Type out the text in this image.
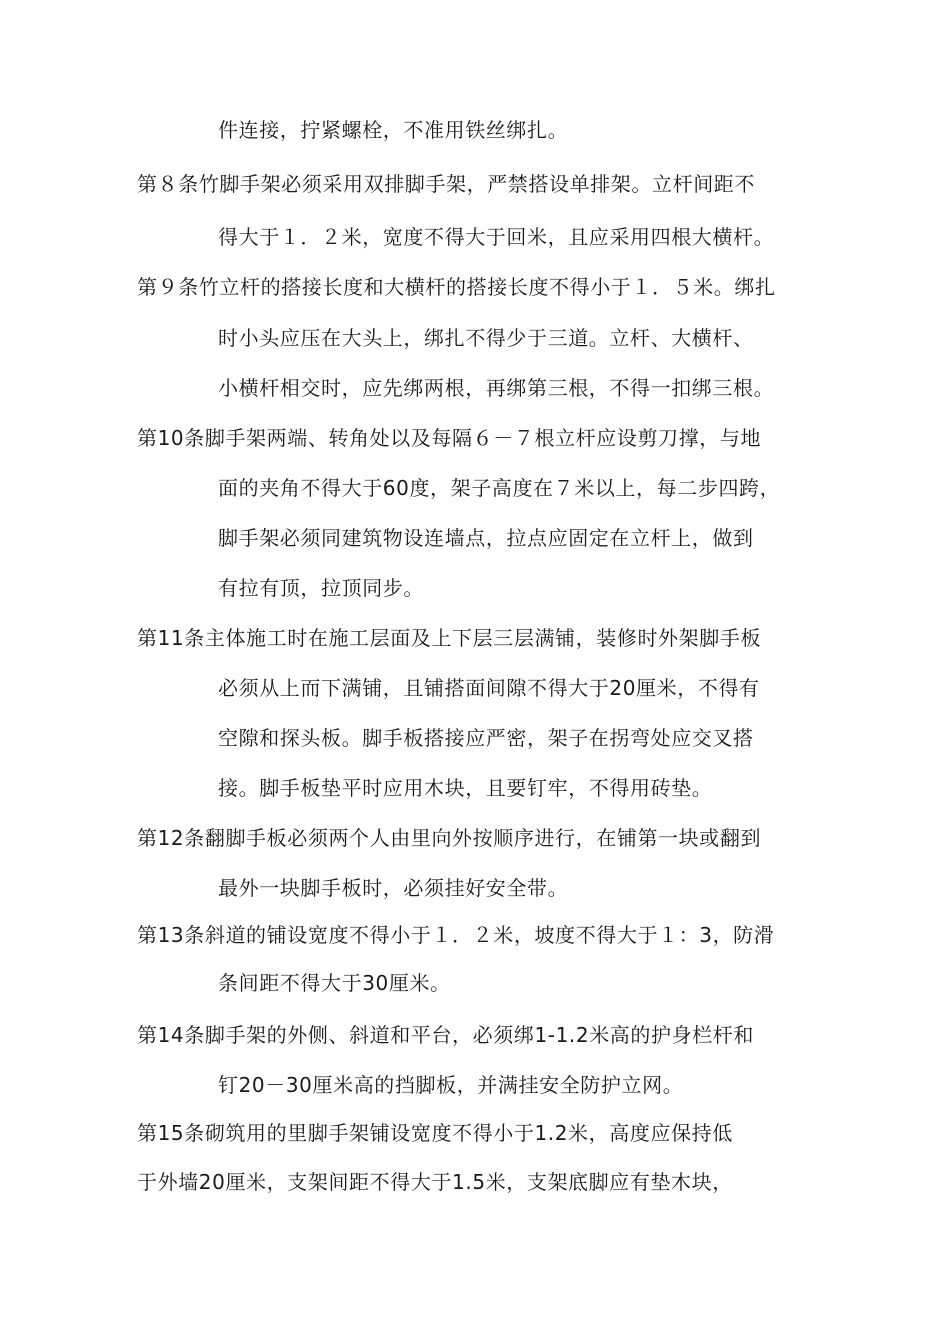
件连接，拧紧螺栓，不准用铁丝绑扎。
第８条竹脚手架必须采用双排脚手架，严禁搭设单排架。立杆间距不
得大于１．２米，宽度不得大于回米，且应采用四根大横杆。
第９条竹立杆的搭接长度和大横杆的搭接长度不得小于１．５米。绑扎
时小头应压在大头上，绑扎不得少于三道。立杆、大横杆、
小横杆相交时，应先绑两根，再绑第三根，不得一扣绑三根。
第10条脚手架两端、转角处以及每隔６－７根立杆应设剪刀撑，与地
面的夹角不得大于60度，架子高度在７米以上，每二步四跨，
脚手架必须同建筑物设连墙点，拉点应固定在立杆上，做到
有拉有顶，拉顶同步。
第11条主体施工时在施工层面及上下层三层满铺，装修时外架脚手板
必须从上而下满铺，且铺搭面间隙不得大于20厘米，不得有
空隙和探头板。脚手板搭接应严密，架子在拐弯处应交叉搭
接。脚手板垫平时应用木块，且要钉牢，不得用砖垫。
第12条翻脚手板必须两个人由里向外按顺序进行，在铺第一块或翻到
最外一块脚手板时，必须挂好安全带。
第13条斜道的铺设宽度不得小于１．２米，坡度不得大于１：3，防滑
条间距不得大于30厘米。
第14条脚手架的外侧、斜道和平台，必须绑1-1.2米高的护身栏杆和
钉20－30厘米高的挡脚板，并满挂安全防护立网。
第15条砌筑用的里脚手架铺设宽度不得小于1.2米，高度应保持低
于外墙20厘米，支架间距不得大于1.5米，支架底脚应有垫木块，
